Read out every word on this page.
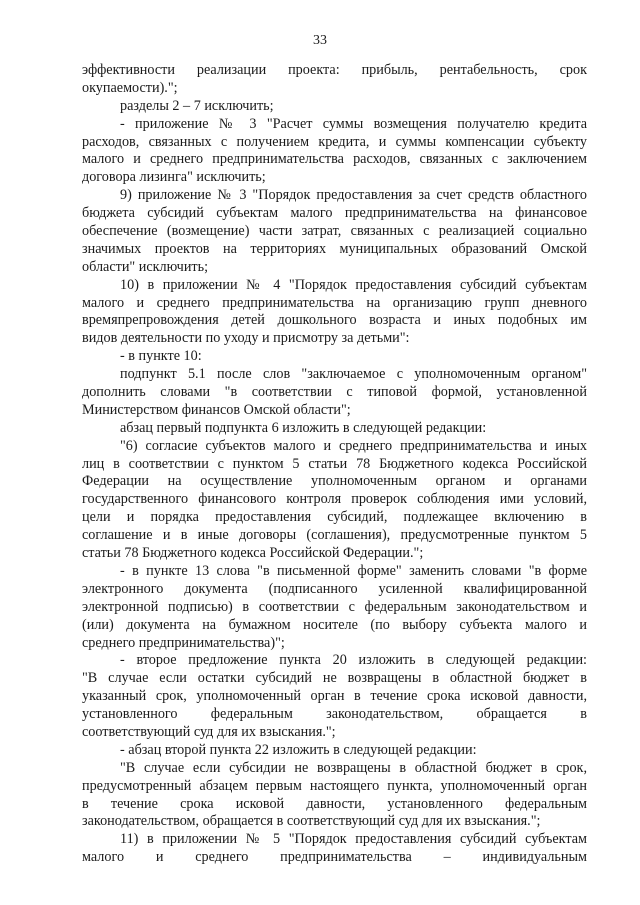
33
эффективности реализации проекта: прибыль, рентабельность, срок
окупаемости).";
разделы 2 – 7 исключить;
- приложение № 3 "Расчет суммы возмещения получателю кредита
расходов, связанных с получением кредита, и суммы компенсации субъекту
малого и среднего предпринимательства расходов, связанных с заключением
договора лизинга" исключить;
9) приложение № 3 "Порядок предоставления за счет средств областного
бюджета субсидий субъектам малого предпринимательства на финансовое
обеспечение (возмещение) части затрат, связанных с реализацией социально
значимых проектов на территориях муниципальных образований Омской
области" исключить;
10) в приложении № 4 "Порядок предоставления субсидий субъектам
малого и среднего предпринимательства на организацию групп дневного
времяпрепровождения детей дошкольного возраста и иных подобных им
видов деятельности по уходу и присмотру за детьми":
- в пункте 10:
подпункт 5.1 после слов "заключаемое с уполномоченным органом"
дополнить словами "в соответствии с типовой формой, установленной
Министерством финансов Омской области";
абзац первый подпункта 6 изложить в следующей редакции:
"6) согласие субъектов малого и среднего предпринимательства и иных
лиц в соответствии с пунктом 5 статьи 78 Бюджетного кодекса Российской
Федерации на осуществление уполномоченным органом и органами
государственного финансового контроля проверок соблюдения ими условий,
цели и порядка предоставления субсидий, подлежащее включению в
соглашение и в иные договоры (соглашения), предусмотренные пунктом 5
статьи 78 Бюджетного кодекса Российской Федерации.";
- в пункте 13 слова "в письменной форме" заменить словами "в форме
электронного документа (подписанного усиленной квалифицированной
электронной подписью) в соответствии с федеральным законодательством и
(или) документа на бумажном носителе (по выбору субъекта малого и
среднего предпринимательства)";
- второе предложение пункта 20 изложить в следующей редакции:
"В случае если остатки субсидий не возвращены в областной бюджет в
указанный срок, уполномоченный орган в течение срока исковой давности,
установленного федеральным законодательством, обращается в
соответствующий суд для их взыскания.";
- абзац второй пункта 22 изложить в следующей редакции:
"В случае если субсидии не возвращены в областной бюджет в срок,
предусмотренный абзацем первым настоящего пункта, уполномоченный орган
в течение срока исковой давности, установленного федеральным
законодательством, обращается в соответствующий суд для их взыскания.";
11) в приложении № 5 "Порядок предоставления субсидий субъектам
малого и среднего предпринимательства – индивидуальным
